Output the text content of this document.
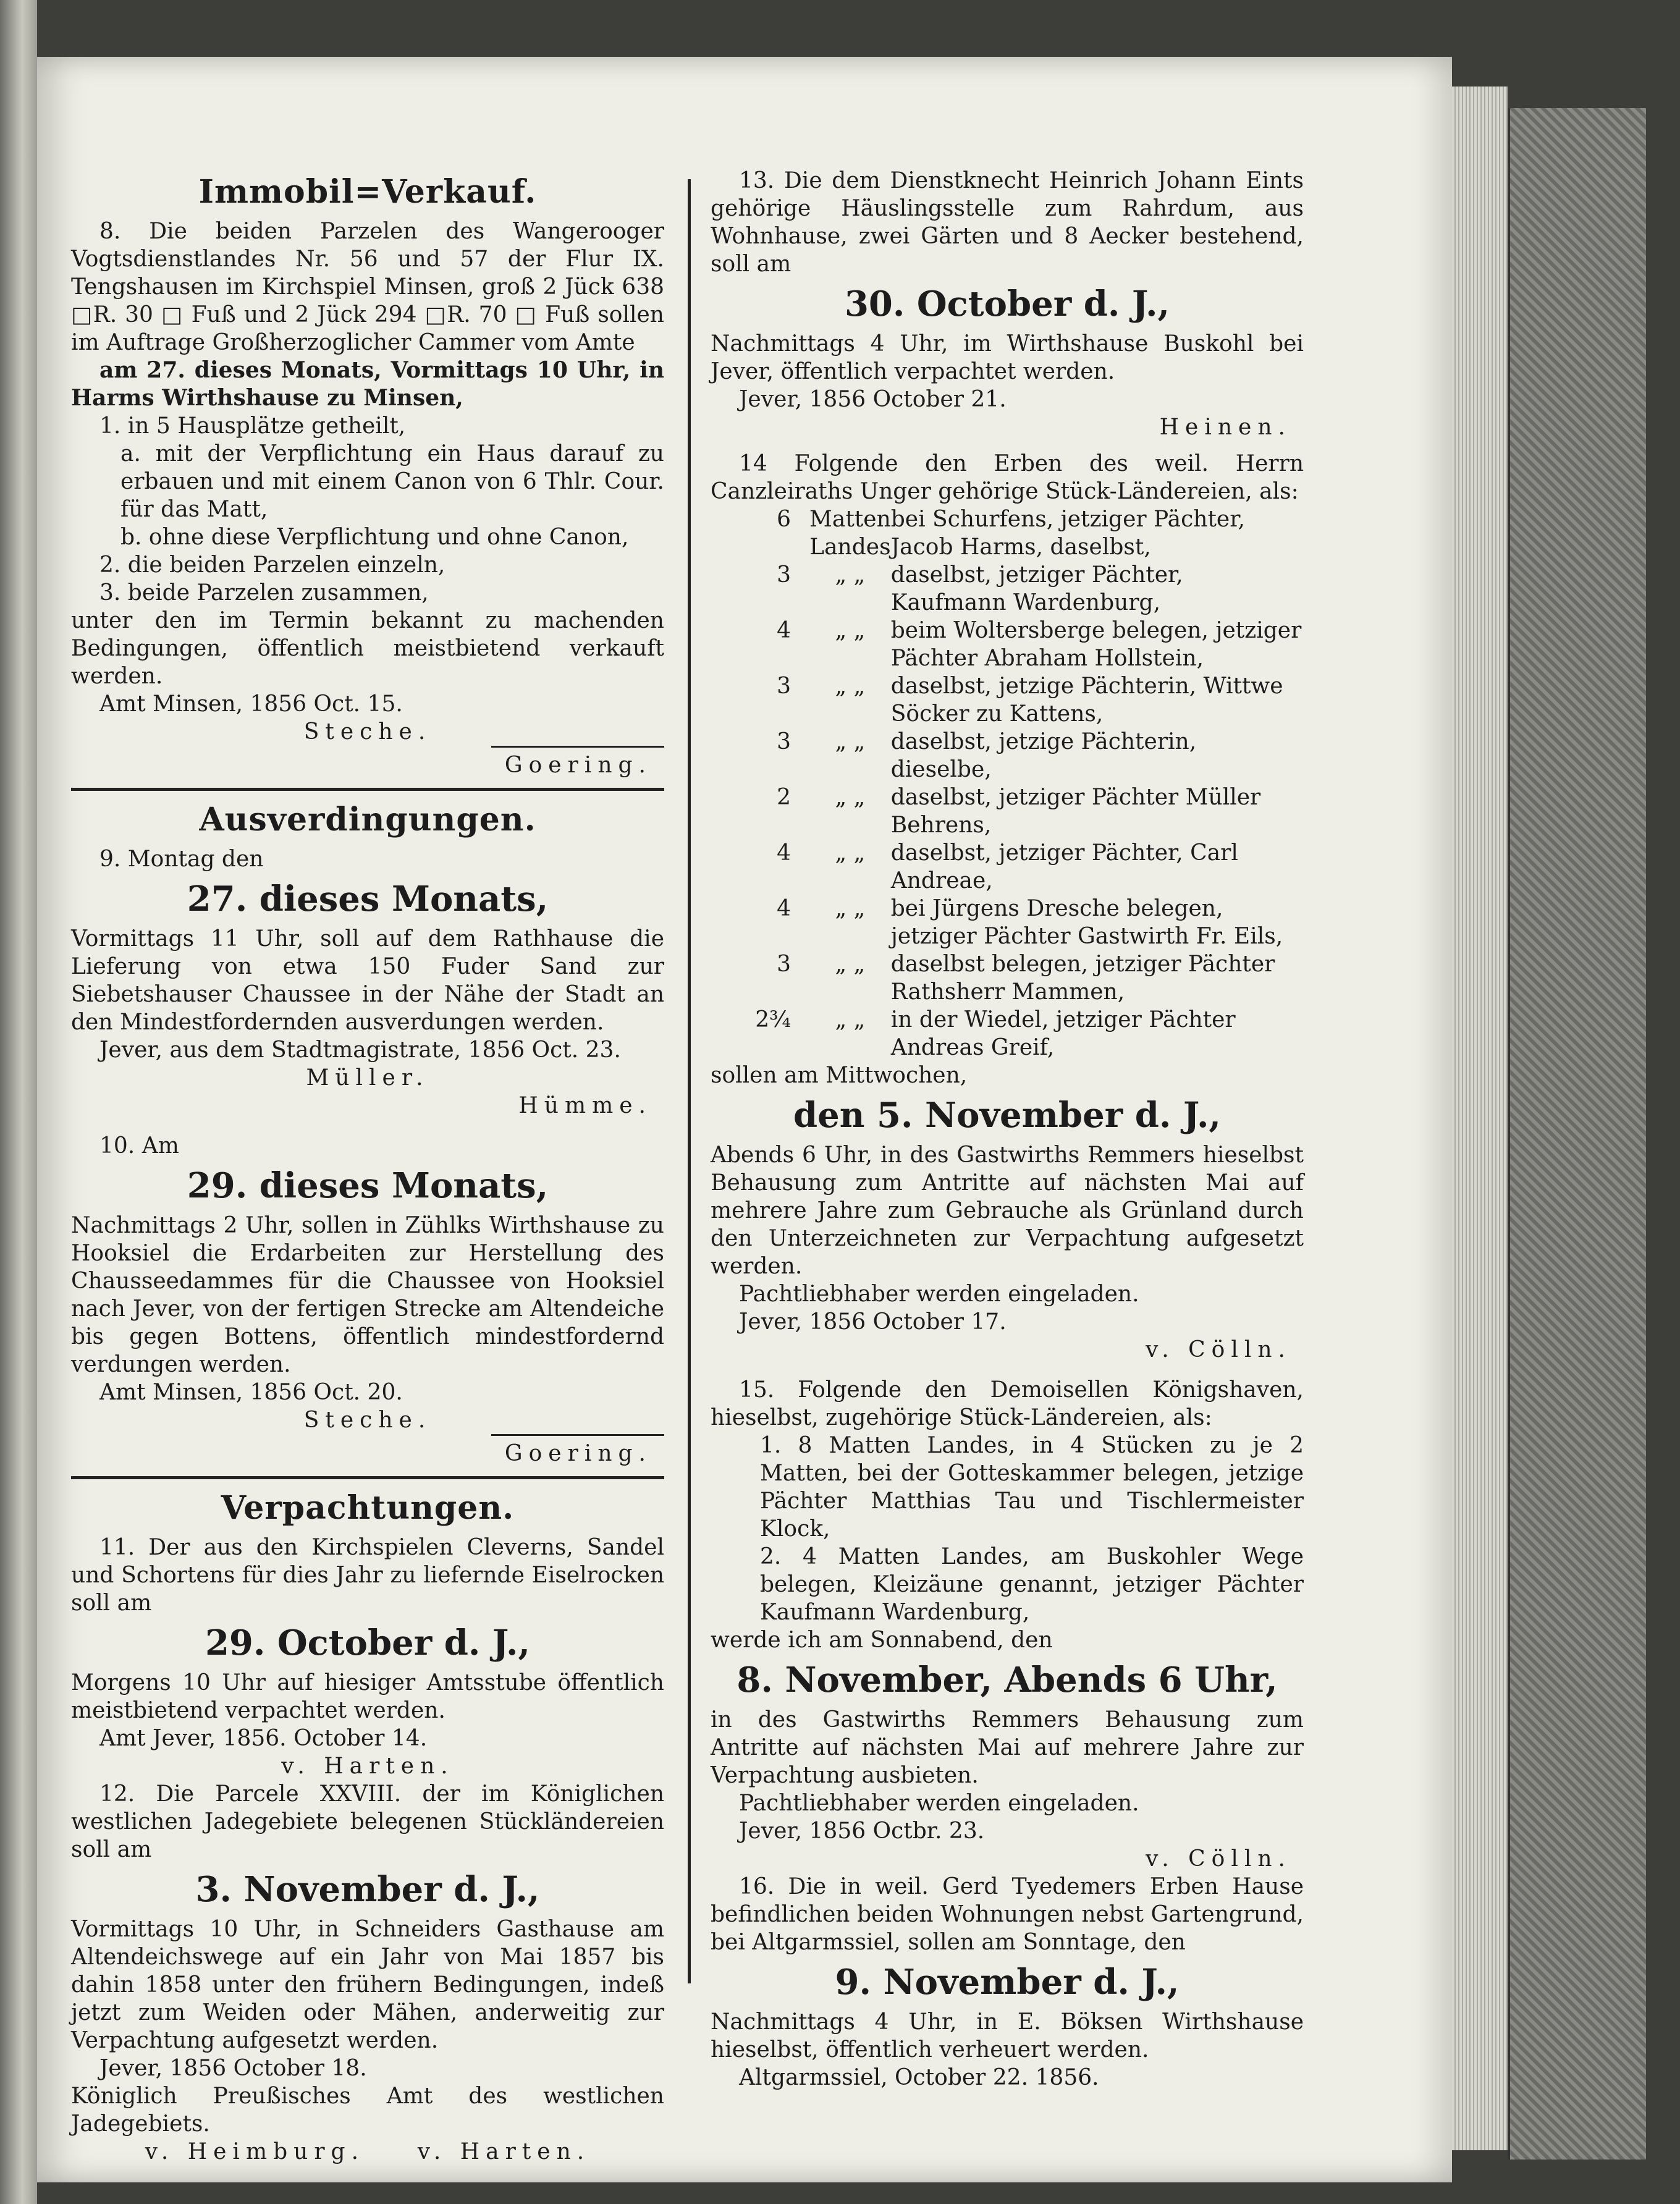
Immobil=Verkauf.

8. Die beiden Parzelen des Wangerooger Vogtsdienstlandes Nr. 56 und 57 der Flur IX. Tengshausen im Kirchspiel Minsen, groß 2 Jück 638 □R. 30 □ Fuß und 2 Jück 294 □R. 70 □ Fuß sollen im Auftrage Großherzoglicher Cammer vom Amte

am 27. dieses Monats, Vormittags 10 Uhr, in Harms Wirthshause zu Minsen,

1. in 5 Hausplätze getheilt,

a. mit der Verpflichtung ein Haus darauf zu erbauen und mit einem Canon von 6 Thlr. Cour. für das Matt,

b. ohne diese Verpflichtung und ohne Canon,

2. die beiden Parzelen einzeln,

3. beide Parzelen zusammen,

unter den im Termin bekannt zu machenden Bedingungen, öffentlich meistbietend verkauft werden.

Amt Minsen, 1856 Oct. 15.

Steche.

Goering.

Ausverdingungen.

9. Montag den

27. dieses Monats,

Vormittags 11 Uhr, soll auf dem Rathhause die Lieferung von etwa 150 Fuder Sand zur Siebetshauser Chaussee in der Nähe der Stadt an den Mindestfordernden ausverdungen werden.

Jever, aus dem Stadtmagistrate, 1856 Oct. 23.

Müller.

Hümme.

10. Am

29. dieses Monats,

Nachmittags 2 Uhr, sollen in Zühlks Wirthshause zu Hooksiel die Erdarbeiten zur Herstellung des Chausseedammes für die Chaussee von Hooksiel nach Jever, von der fertigen Strecke am Altendeiche bis gegen Bottens, öffentlich mindestfordernd verdungen werden.

Amt Minsen, 1856 Oct. 20.

Steche.

Goering.

Verpachtungen.

11. Der aus den Kirchspielen Cleverns, Sandel und Schortens für dies Jahr zu liefernde Eiselrocken soll am

29. October d. J.,

Morgens 10 Uhr auf hiesiger Amtsstube öffentlich meistbietend verpachtet werden.

Amt Jever, 1856. October 14.

v. Harten.

12. Die Parcele XXVIII. der im Königlichen westlichen Jadegebiete belegenen Stückländereien soll am

3. November d. J.,

Vormittags 10 Uhr, in Schneiders Gasthause am Altendeichswege auf ein Jahr von Mai 1857 bis dahin 1858 unter den frühern Bedingungen, indeß jetzt zum Weiden oder Mähen, anderweitig zur Verpachtung aufgesetzt werden.

Jever, 1856 October 18.

Königlich Preußisches Amt des westlichen Jadegebiets.

v. Heimburg.    v. Harten.

13. Die dem Dienstknecht Heinrich Johann Eints gehörige Häuslingsstelle zum Rahrdum, aus Wohnhause, zwei Gärten und 8 Aecker bestehend, soll am

30. October d. J.,

Nachmittags 4 Uhr, im Wirthshause Buskohl bei Jever, öffentlich verpachtet werden.

Jever, 1856 October 21.

Heinen.

14 Folgende den Erben des weil. Herrn Canzleiraths Unger gehörige Stück-Ländereien, als:

6	Matten Landes	bei Schurfens, jetziger Pächter, Jacob Harms, daselbst,
3	„ „	daselbst, jetziger Pächter, Kaufmann Wardenburg,
4	„ „	beim Woltersberge belegen, jetziger Pächter Abraham Hollstein,
3	„ „	daselbst, jetzige Pächterin, Wittwe Söcker zu Kattens,
3	„ „	daselbst, jetzige Pächterin, dieselbe,
2	„ „	daselbst, jetziger Pächter Müller Behrens,
4	„ „	daselbst, jetziger Pächter, Carl Andreae,
4	„ „	bei Jürgens Dresche belegen, jetziger Pächter Gastwirth Fr. Eils,
3	„ „	daselbst belegen, jetziger Pächter Rathsherr Mammen,
2¾	„ „	in der Wiedel, jetziger Pächter Andreas Greif,

sollen am Mittwochen,

den 5. November d. J.,

Abends 6 Uhr, in des Gastwirths Remmers hieselbst Behausung zum Antritte auf nächsten Mai auf mehrere Jahre zum Gebrauche als Grünland durch den Unterzeichneten zur Verpachtung aufgesetzt werden.

Pachtliebhaber werden eingeladen.

Jever, 1856 October 17.

v. Cölln.

15. Folgende den Demoisellen Königshaven, hieselbst, zugehörige Stück-Ländereien, als:

1. 8 Matten Landes, in 4 Stücken zu je 2 Matten, bei der Gotteskammer belegen, jetzige Pächter Matthias Tau und Tischlermeister Klock,

2. 4 Matten Landes, am Buskohler Wege belegen, Kleizäune genannt, jetziger Pächter Kaufmann Wardenburg,

werde ich am Sonnabend, den

8. November, Abends 6 Uhr,

in des Gastwirths Remmers Behausung zum Antritte auf nächsten Mai auf mehrere Jahre zur Verpachtung ausbieten.

Pachtliebhaber werden eingeladen.

Jever, 1856 Octbr. 23.

v. Cölln.

16. Die in weil. Gerd Tyedemers Erben Hause befindlichen beiden Wohnungen nebst Gartengrund, bei Altgarmssiel, sollen am Sonntage, den

9. November d. J.,

Nachmittags 4 Uhr, in E. Böksen Wirthshause hieselbst, öffentlich verheuert werden.

Altgarmssiel, October 22. 1856.
